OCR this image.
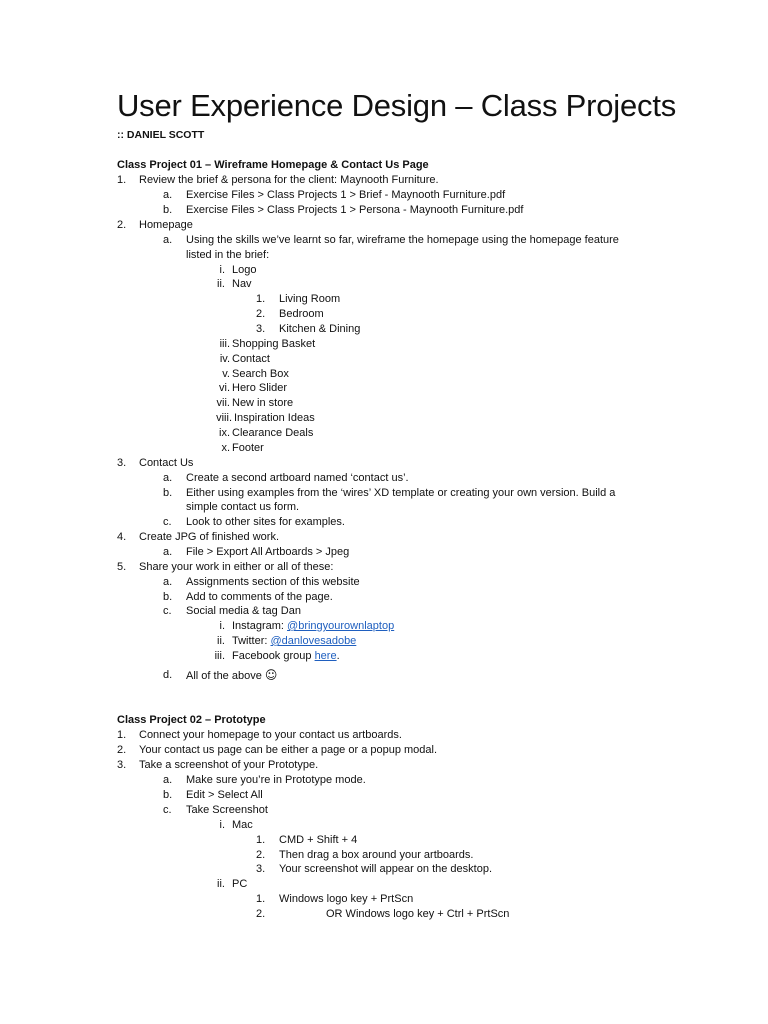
User Experience Design – Class Projects
:: DANIEL SCOTT
Class Project 01 – Wireframe Homepage & Contact Us Page
1. Review the brief & persona for the client: Maynooth Furniture.
a. Exercise Files > Class Projects 1 > Brief - Maynooth Furniture.pdf
b. Exercise Files > Class Projects 1 > Persona - Maynooth Furniture.pdf
2. Homepage
a. Using the skills we’ve learnt so far, wireframe the homepage using the homepage feature
listed in the brief:
i. Logo
ii. Nav
1. Living Room
2. Bedroom
3. Kitchen & Dining
iii. Shopping Basket
iv. Contact
v. Search Box
vi. Hero Slider
vii. New in store
viii. Inspiration Ideas
ix. Clearance Deals
x. Footer
3. Contact Us
a. Create a second artboard named ‘contact us’.
b. Either using examples from the ‘wires’ XD template or creating your own version. Build a
simple contact us form.
c. Look to other sites for examples.
4. Create JPG of finished work.
a. File > Export All Artboards > Jpeg
5. Share your work in either or all of these:
a. Assignments section of this website
b. Add to comments of the page.
c. Social media & tag Dan
i. Instagram: @bringyourownlaptop
ii. Twitter: @danlovesadobe
iii. Facebook group here.
d. All of the above ☺
Class Project 02 – Prototype
1. Connect your homepage to your contact us artboards.
2. Your contact us page can be either a page or a popup modal.
3. Take a screenshot of your Prototype.
a. Make sure you’re in Prototype mode.
b. Edit > Select All
c. Take Screenshot
i. Mac
1. CMD + Shift + 4
2. Then drag a box around your artboards.
3. Your screenshot will appear on the desktop.
ii. PC
1. Windows logo key + PrtScn
2.	OR Windows logo key + Ctrl + PrtScn
